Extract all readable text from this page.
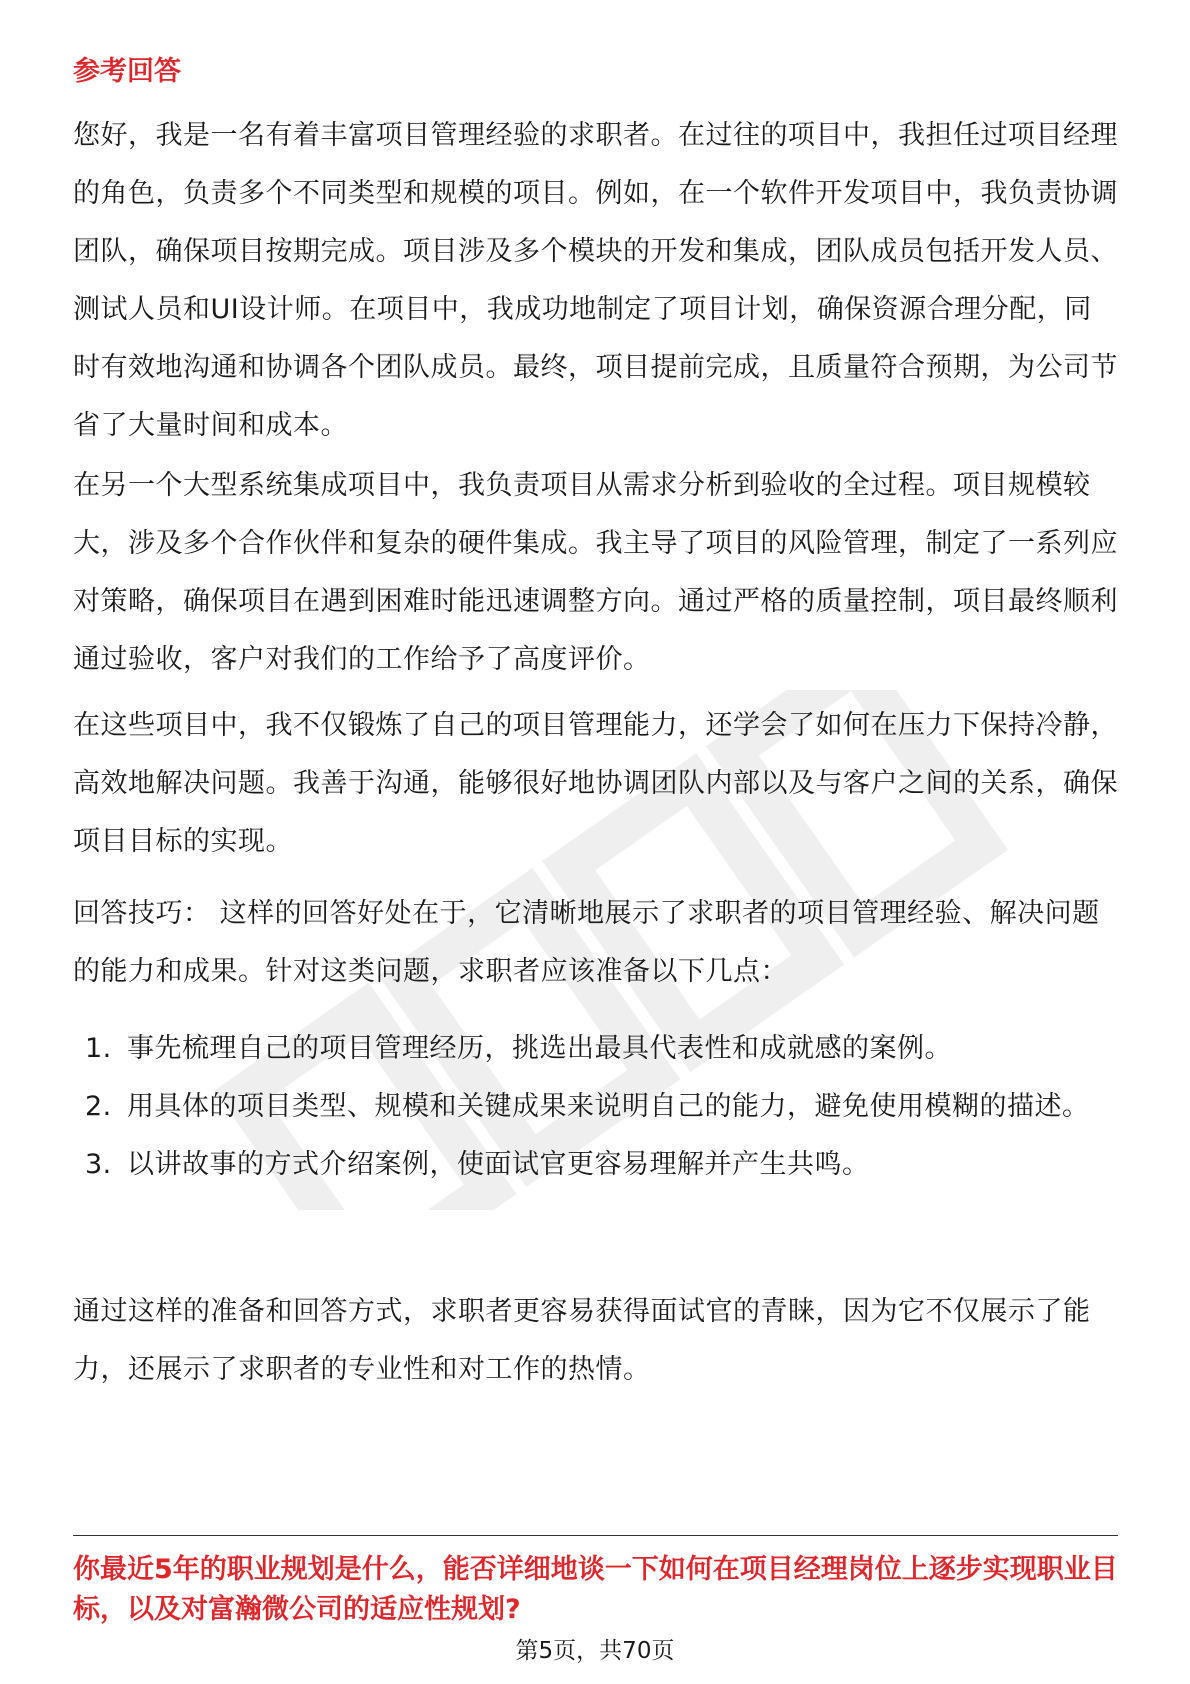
参考回答

您好，我是一名有着丰富项目管理经验的求职者。在过往的项目中，我担任过项目经理的角色，负责多个不同类型和规模的项目。例如，在一个软件开发项目中，我负责协调团队，确保项目按期完成。项目涉及多个模块的开发和集成，团队成员包括开发人员、测试人员和UI设计师。在项目中，我成功地制定了项目计划，确保资源合理分配，同时有效地沟通和协调各个团队成员。最终，项目提前完成，且质量符合预期，为公司节省了大量时间和成本。

在另一个大型系统集成项目中，我负责项目从需求分析到验收的全过程。项目规模较大，涉及多个合作伙伴和复杂的硬件集成。我主导了项目的风险管理，制定了一系列应对策略，确保项目在遇到困难时能迅速调整方向。通过严格的质量控制，项目最终顺利通过验收，客户对我们的工作给予了高度评价。

在这些项目中，我不仅锻炼了自己的项目管理能力，还学会了如何在压力下保持冷静，高效地解决问题。我善于沟通，能够很好地协调团队内部以及与客户之间的关系，确保项目目标的实现。

回答技巧： 这样的回答好处在于，它清晰地展示了求职者的项目管理经验、解决问题的能力和成果。针对这类问题，求职者应该准备以下几点：

1. 事先梳理自己的项目管理经历，挑选出最具代表性和成就感的案例。
2. 用具体的项目类型、规模和关键成果来说明自己的能力，避免使用模糊的描述。
3. 以讲故事的方式介绍案例，使面试官更容易理解并产生共鸣。

通过这样的准备和回答方式，求职者更容易获得面试官的青睐，因为它不仅展示了能力，还展示了求职者的专业性和对工作的热情。

你最近5年的职业规划是什么，能否详细地谈一下如何在项目经理岗位上逐步实现职业目标，以及对富瀚微公司的适应性规划?

第5页，共70页
